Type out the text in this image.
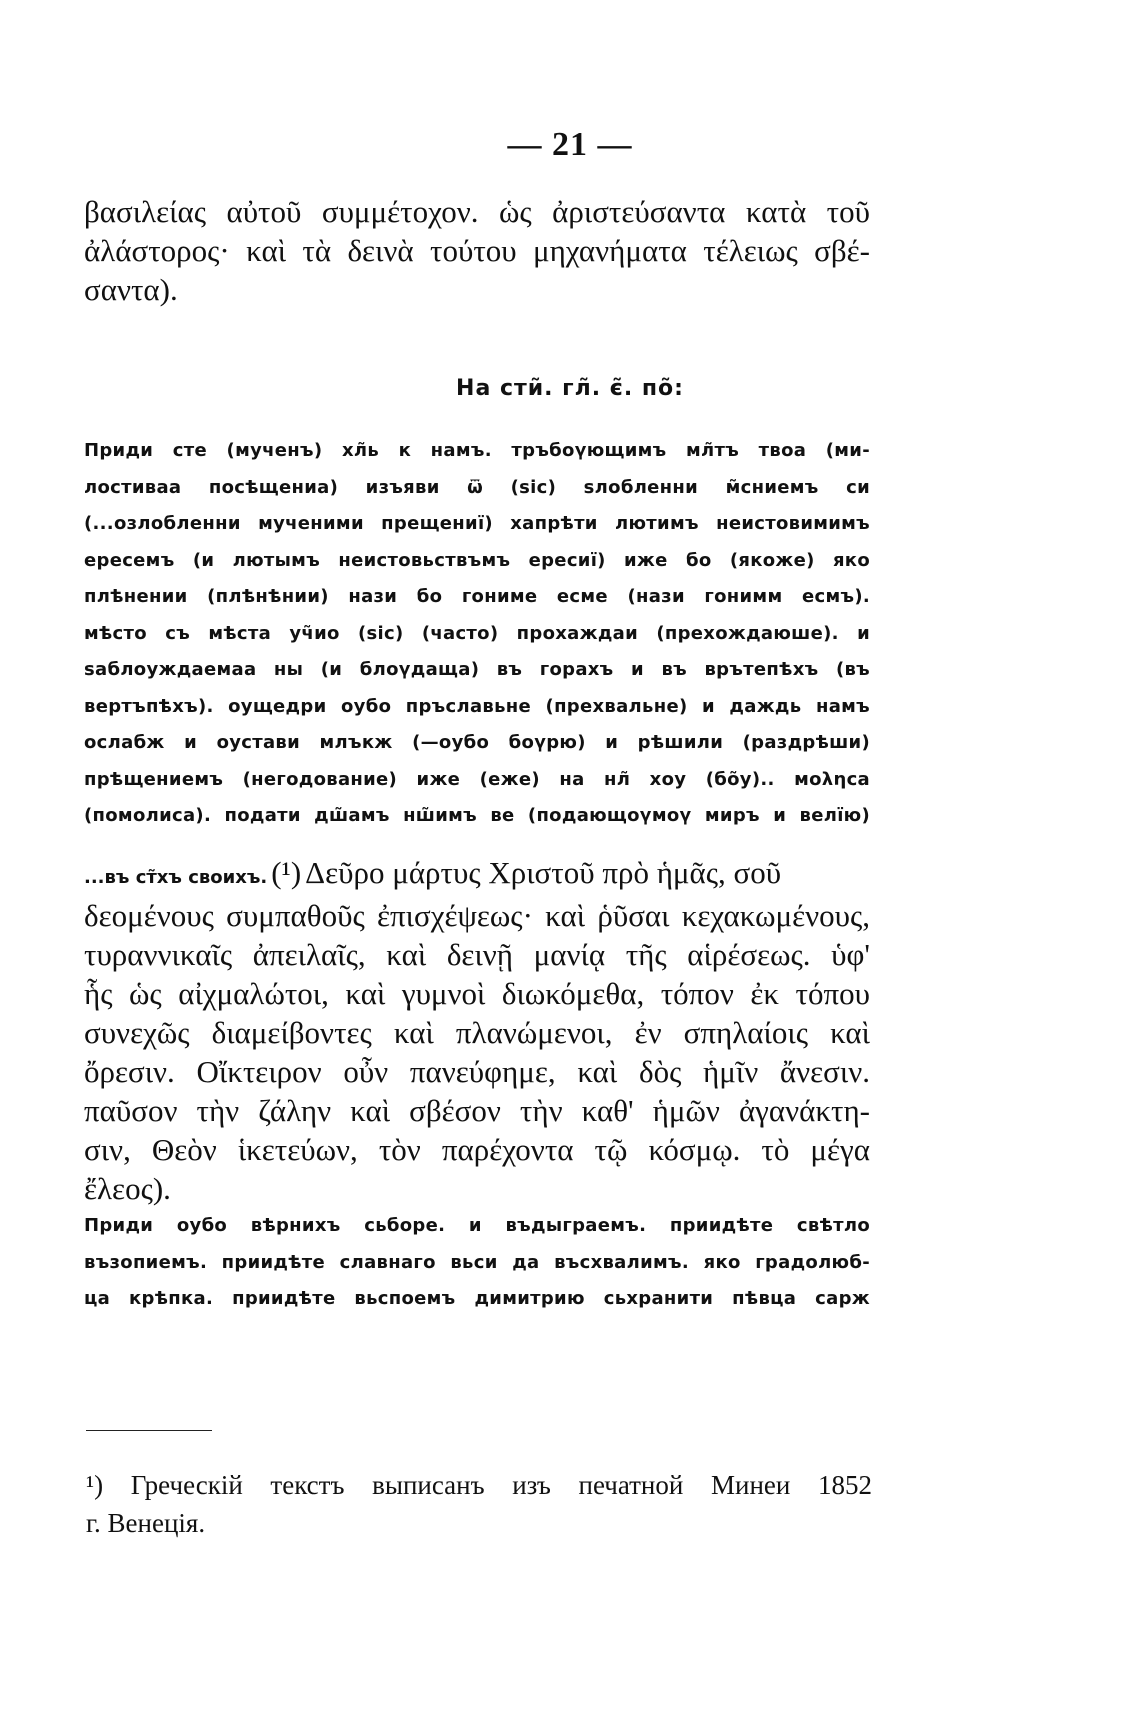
— 21 —
βασιλείας αὐτοῦ συμμέτοχον. ὡς ἀριστεύσαντα κατὰ τοῦ
ἀλάστορος· καὶ τὰ δεινὰ τούτου μηχανήματα τέλειως σβέ-
σαντα).
На сти̃. гл̃. є̃. по̃:
Приди сте (мученъ) хл̃ь к намъ. тръбоүющимъ мл̃тъ твоа (ми-
лостиваа посѣщениа) изъяви ѿ (sic) ѕлобленни м̃сниемъ си
(...озлобленни мученими прещениї) хапрѣти лютимъ неистовимимъ
ересемъ (и лютымъ неистовьствъмъ ересиї) иже бо (якоже) яко
плѣнении (плѣнѣнии) нази бо гониме есме (нази гонимм есмъ).
мѣсто съ мѣста уч̃ио (sic) (часто) прохаждаи (прехождаюше). и
ѕаблоуждаемаа ны (и блоүдаща) въ горахъ и въ врътепѣхъ (въ
вертъпѣхъ). оущедри оубо пръславьне (прехвальне) и даждь намъ
ослабж и оустави млъкж (—оубо боүрю) и рѣшили (раздрѣши)
прѣщениемъ (негодование) иже (еже) на нл̃ хоу (бо̃у).. моληса
(помолиса). подати дш̃амъ нш̃имъ ве (подающоүмоү миръ и велїю)
...въ ст̃хъ своихъ. (¹) Δεῦρο μάρτυς Χριστοῦ πρὸ ἡμᾶς, σοῦ
δεομένους συμπαθοῦς ἐπισχέψεως· καὶ ῥῦσαι κεχακωμένους,
τυραννικαῖς ἀπειλαῖς, καὶ δεινῇ μανίᾳ τῆς αἱρέσεως. ὑφ'
ἧς ὡς αἰχμαλώτοι, καὶ γυμνοὶ διωκόμεθα, τόπον ἐκ τόπου
συνεχῶς διαμείβοντες καὶ πλανώμενοι, ἐν σπηλαίοις καὶ
ὄρεσιν. Οἴκτειρον οὖν πανεύφημε, καὶ δὸς ἡμῖν ἄνεσιν.
παῦσον τὴν ζάλην καὶ σβέσον τὴν καθ' ἡμῶν ἀγανάκτη-
σιν, Θεὸν ἱκετεύων, τὸν παρέχοντα τῷ κόσμῳ. τὸ μέγα
ἔλεος).
Приди оубо вѣрнихъ сьборе. и въдыграемъ. приидѣте свѣтло
възопиемъ. приидѣте славнаго вьси да въсхвалимъ. яко градолюб-
ца крѣпка. приидѣте вьспоемъ димитрию сьхранити пѣвца сарж
¹) Греческій текстъ выписанъ изъ печатной Минеи 1852
г. Венеція.
